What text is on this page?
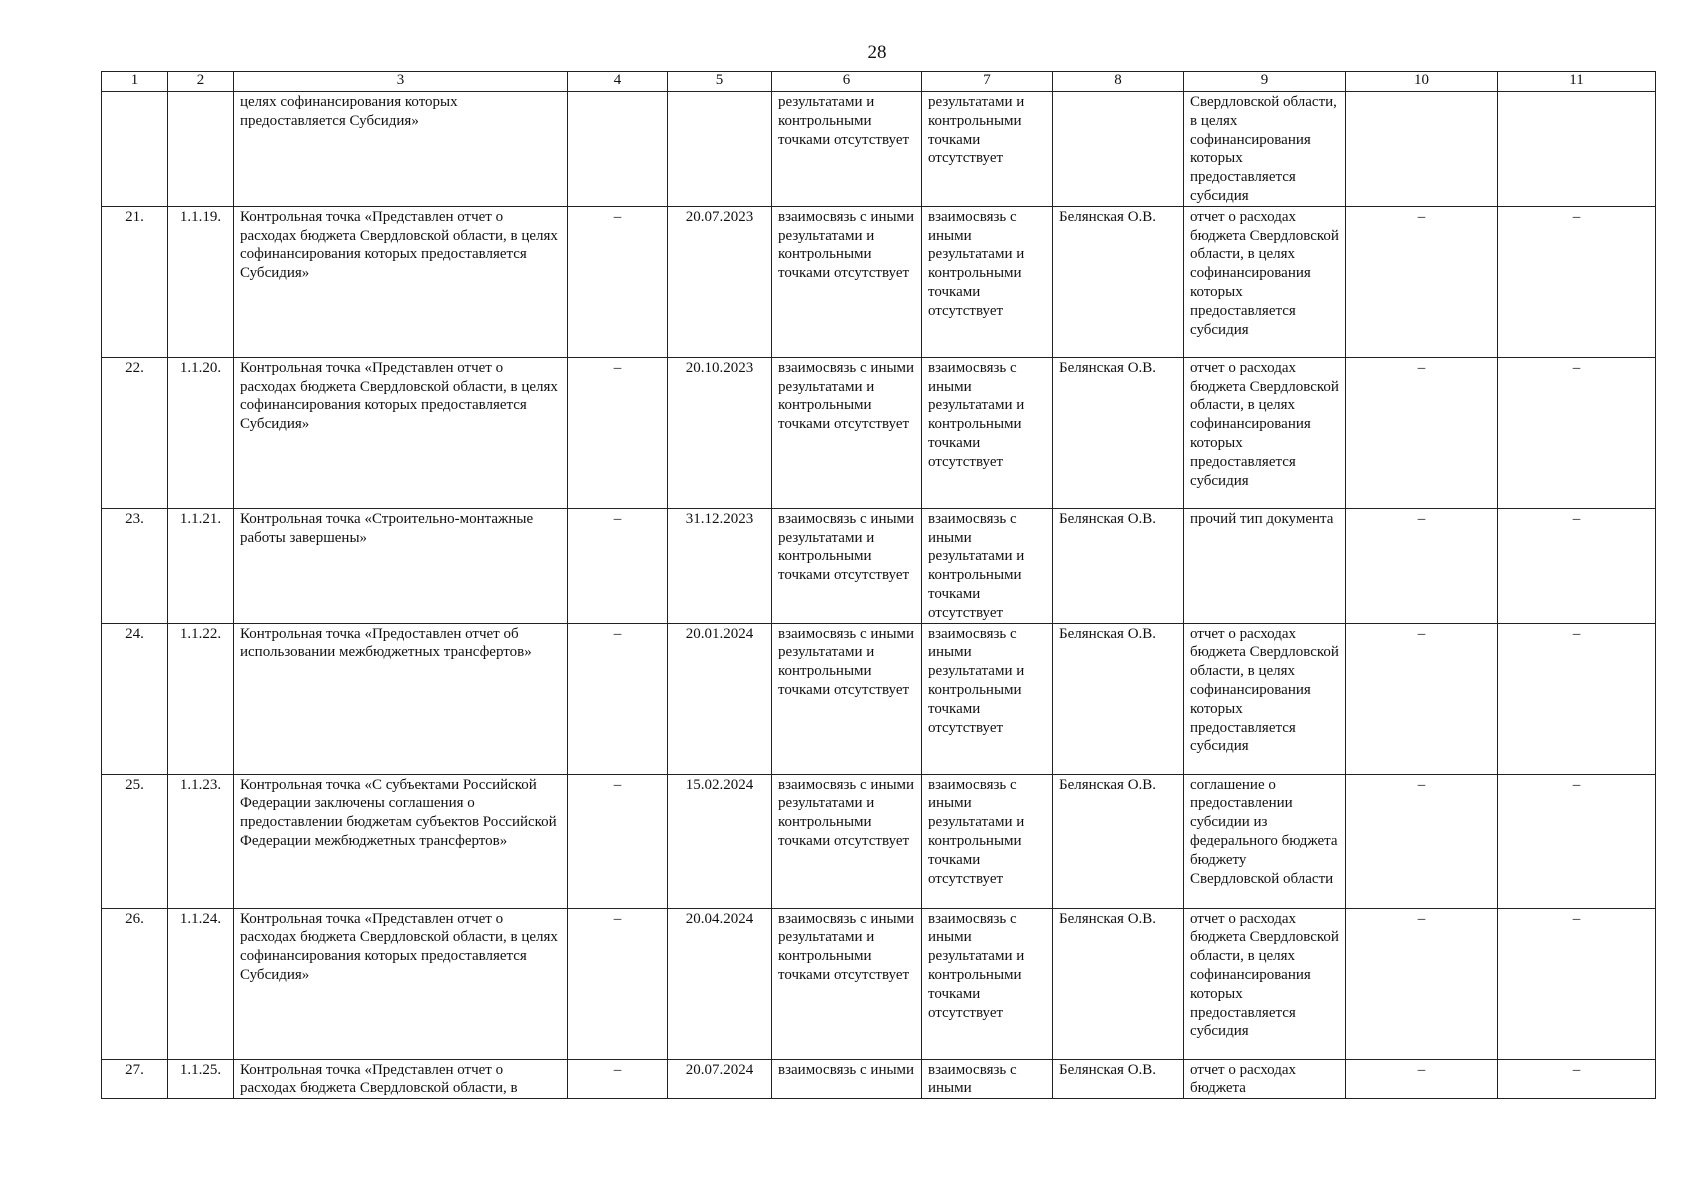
28
1	2	3	4	5	6	7	8	9	10	11
		целях софинансирования которых предоставляется Субсидия»			результатами и контрольными точками отсутствует	результатами и контрольными точками отсутствует		Свердловской области, в целях софинансирования которых предоставляется субсидия		
21.	1.1.19.	Контрольная точка «Представлен отчет о расходах бюджета Свердловской области, в целях софинансирования которых предоставляется Субсидия»	–	20.07.2023	взаимосвязь с иными результатами и контрольными точками отсутствует	взаимосвязь с иными результатами и контрольными точками отсутствует	Белянская О.В.	отчет о расходах бюджета Свердловской области, в целях софинансирования которых предоставляется субсидия	–	–
22.	1.1.20.	Контрольная точка «Представлен отчет о расходах бюджета Свердловской области, в целях софинансирования которых предоставляется Субсидия»	–	20.10.2023	взаимосвязь с иными результатами и контрольными точками отсутствует	взаимосвязь с иными результатами и контрольными точками отсутствует	Белянская О.В.	отчет о расходах бюджета Свердловской области, в целях софинансирования которых предоставляется субсидия	–	–
23.	1.1.21.	Контрольная точка «Строительно-монтажные работы завершены»	–	31.12.2023	взаимосвязь с иными результатами и контрольными точками отсутствует	взаимосвязь с иными результатами и контрольными точками отсутствует	Белянская О.В.	прочий тип документа	–	–
24.	1.1.22.	Контрольная точка «Предоставлен отчет об использовании межбюджетных трансфертов»	–	20.01.2024	взаимосвязь с иными результатами и контрольными точками отсутствует	взаимосвязь с иными результатами и контрольными точками отсутствует	Белянская О.В.	отчет о расходах бюджета Свердловской области, в целях софинансирования которых предоставляется субсидия	–	–
25.	1.1.23.	Контрольная точка «С субъектами Российской Федерации заключены соглашения о предоставлении бюджетам субъектов Российской Федерации межбюджетных трансфертов»	–	15.02.2024	взаимосвязь с иными результатами и контрольными точками отсутствует	взаимосвязь с иными результатами и контрольными точками отсутствует	Белянская О.В.	соглашение о предоставлении субсидии из федерального бюджета бюджету Свердловской области	–	–
26.	1.1.24.	Контрольная точка «Представлен отчет о расходах бюджета Свердловской области, в целях софинансирования которых предоставляется Субсидия»	–	20.04.2024	взаимосвязь с иными результатами и контрольными точками отсутствует	взаимосвязь с иными результатами и контрольными точками отсутствует	Белянская О.В.	отчет о расходах бюджета Свердловской области, в целях софинансирования которых предоставляется субсидия	–	–
27.	1.1.25.	Контрольная точка «Представлен отчет о расходах бюджета Свердловской области, в	–	20.07.2024	взаимосвязь с иными	взаимосвязь с иными	Белянская О.В.	отчет о расходах бюджета	–	–
